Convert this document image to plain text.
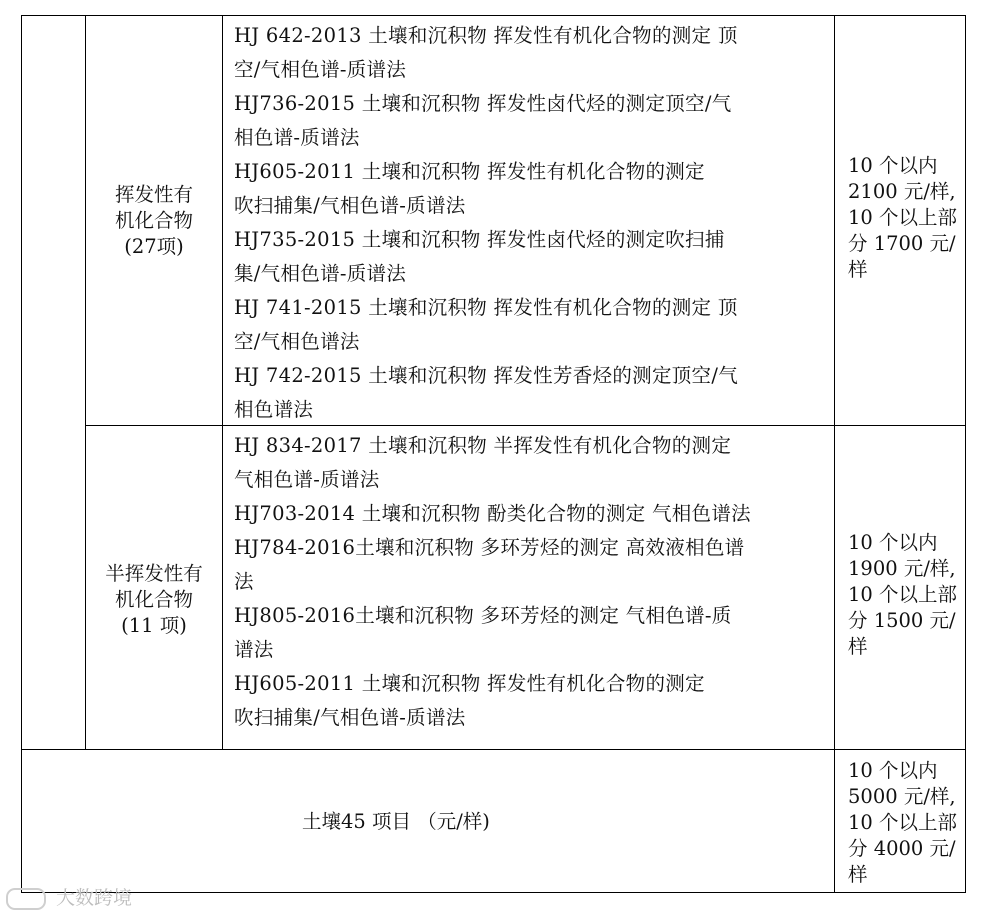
挥发性有
机化合物
(27项)
HJ 642-2013 土壤和沉积物 挥发性有机化合物的测定 顶
空/气相色谱-质谱法
HJ736-2015 土壤和沉积物 挥发性卤代烃的测定顶空/气
相色谱-质谱法
HJ605-2011 土壤和沉积物 挥发性有机化合物的测定
吹扫捕集/气相色谱-质谱法
HJ735-2015 土壤和沉积物 挥发性卤代烃的测定吹扫捕
集/气相色谱-质谱法
HJ 741-2015 土壤和沉积物 挥发性有机化合物的测定 顶
空/气相色谱法
HJ 742-2015 土壤和沉积物 挥发性芳香烃的测定顶空/气
相色谱法
10 个以内
2100 元/样,
10 个以上部
分 1700 元/
样
半挥发性有
机化合物
(11 项)
HJ 834-2017 土壤和沉积物 半挥发性有机化合物的测定
气相色谱-质谱法
HJ703-2014 土壤和沉积物 酚类化合物的测定 气相色谱法
HJ784-2016土壤和沉积物 多环芳烃的测定 高效液相色谱
法
HJ805-2016土壤和沉积物 多环芳烃的测定 气相色谱-质
谱法
HJ605-2011 土壤和沉积物 挥发性有机化合物的测定
吹扫捕集/气相色谱-质谱法
10 个以内
1900 元/样,
10 个以上部
分 1500 元/
样
土壤45 项目 （元/样)
10 个以内
5000 元/样,
10 个以上部
分 4000 元/
样
大数跨境
